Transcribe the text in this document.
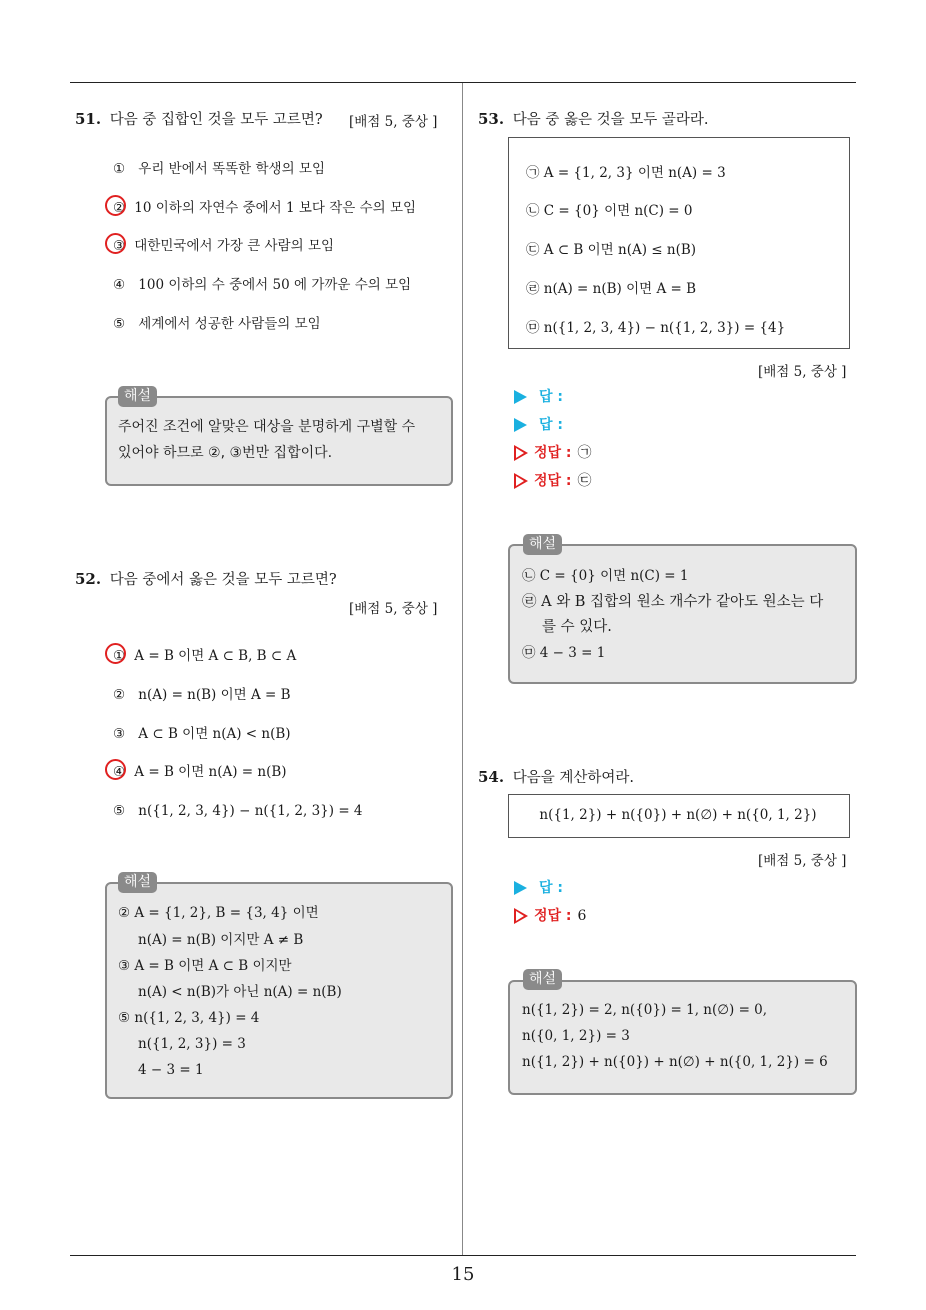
15
51. 다음 중 집합인 것을 모두 고르면? [배점 5, 중상 ]
① 우리 반에서 똑똑한 학생의 모임
② 10 이하의 자연수 중에서 1 보다 작은 수의 모임
③ 대한민국에서 가장 큰 사람의 모임
④ 100 이하의 수 중에서 50 에 가까운 수의 모임
⑤ 세계에서 성공한 사람들의 모임
해설
주어진 조건에 알맞은 대상을 분명하게 구별할 수
있어야 하므로 ②, ③번만 집합이다.
52. 다음 중에서 옳은 것을 모두 고르면?
[배점 5, 중상 ]
① A = B 이면 A ⊂ B, B ⊂ A
② n(A) = n(B) 이면 A = B
③ A ⊂ B 이면 n(A) < n(B)
④ A = B 이면 n(A) = n(B)
⑤ n({1, 2, 3, 4}) − n({1, 2, 3}) = 4
해설
② A = {1, 2}, B = {3, 4} 이면
n(A) = n(B) 이지만 A ≠ B
③ A = B 이면 A ⊂ B 이지만
n(A) < n(B)가 아닌 n(A) = n(B)
⑤ n({1, 2, 3, 4}) = 4
n({1, 2, 3}) = 3
4 − 3 = 1
53. 다음 중 옳은 것을 모두 골라라.
㉠ A = {1, 2, 3} 이면 n(A) = 3
㉡ C = {0} 이면 n(C) = 0
㉢ A ⊂ B 이면 n(A) ≤ n(B)
㉣ n(A) = n(B) 이면 A = B
㉤ n({1, 2, 3, 4}) − n({1, 2, 3}) = {4}
[배점 5, 중상 ]
답 :
답 :
정답 : ㉠
정답 : ㉢
해설
㉡ C = {0} 이면 n(C) = 1
㉣ A 와 B 집합의 원소 개수가 같아도 원소는 다
를 수 있다.
㉤ 4 − 3 = 1
54. 다음을 계산하여라.
n({1, 2}) + n({0}) + n(∅) + n({0, 1, 2})
[배점 5, 중상 ]
답 :
정답 : 6
해설
n({1, 2}) = 2, n({0}) = 1, n(∅) = 0,
n({0, 1, 2}) = 3
n({1, 2}) + n({0}) + n(∅) + n({0, 1, 2}) = 6
